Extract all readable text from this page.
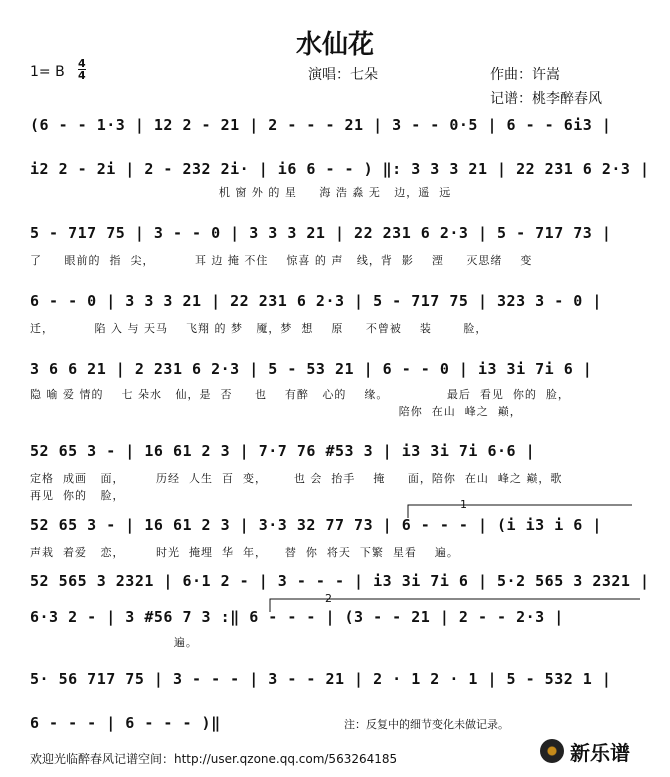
水仙花
1= B
4
4	演唱：七朵	作曲：许嵩
记谱：桃李醉春风
(6 - - 1·3 | 12 2 - 21 | 2 - - - 21 | 3 - - 0·5 | 6 - - 6i3 |
i2 2 - 2i | 2 - 232 2i· | i6 6 - - ) ‖: 3 3 3 21 | 22 231 6 2·3 |
机 窗 外 的 星     海 浩 淼 无   边，遥  远
5 - 717 75 | 3 - - 0 | 3 3 3 21 | 22 231 6 2·3 | 5 - 717 73 |
了     眼前的  指  尖，         耳 边 掩 不住    惊喜 的 声   线，背  影    湮     灭思绪    变
6 - - 0 | 3 3 3 21 | 22 231 6 2·3 | 5 - 717 75 | 323 3 - 0 |
迁，         陷 入 与 天马    飞翔 的 梦   魇，梦  想    原     不曾被    装       脸，
3 6 6 21 | 2 231 6 2·3 | 5 - 53 21 | 6 - - 0 | i3 3i 7i 6 |
隐 喻 爱 情的    七 朵水   仙，是  否     也    有醉   心的    缘。             最后  看见  你的  脸，
陪你  在山  峰之  巅，
52 65 3 - | 16 61 2 3 | 7·7 76 #53 3 | i3 3i 7i 6·6 |
定格  成画   面，       历经  人生  百  变，      也 会  抬手    掩     面，陪你  在山  峰之 巅，歌
再见  你的   脸，
52 65 3 - | 16 61 2 3 | 3·3 32 77 73 | 6 - - - | (i i3 i 6 |
声栽  着爱   恋，       时光  掩埋  华  年，    替  你  将天  下繁  星看    遍。
52 565 3 2321 | 6·1 2 - | 3 - - - | i3 3i 7i 6 | 5·2 565 3 2321 |
6·3 2 - | 3 #56 7 3 :‖ 6 - - - | (3 - - 21 | 2 - - 2·3 |
遍。
5· 56 717 75 | 3 - - - | 3 - - 21 | 2 · 1 2 · 1 | 5 - 532 1 |
6 - - - | 6 - - - )‖
1
2
注：反复中的细节变化未做记录。
欢迎光临醉春风记谱空间：http://user.qzone.qq.com/563264185	新乐谱
